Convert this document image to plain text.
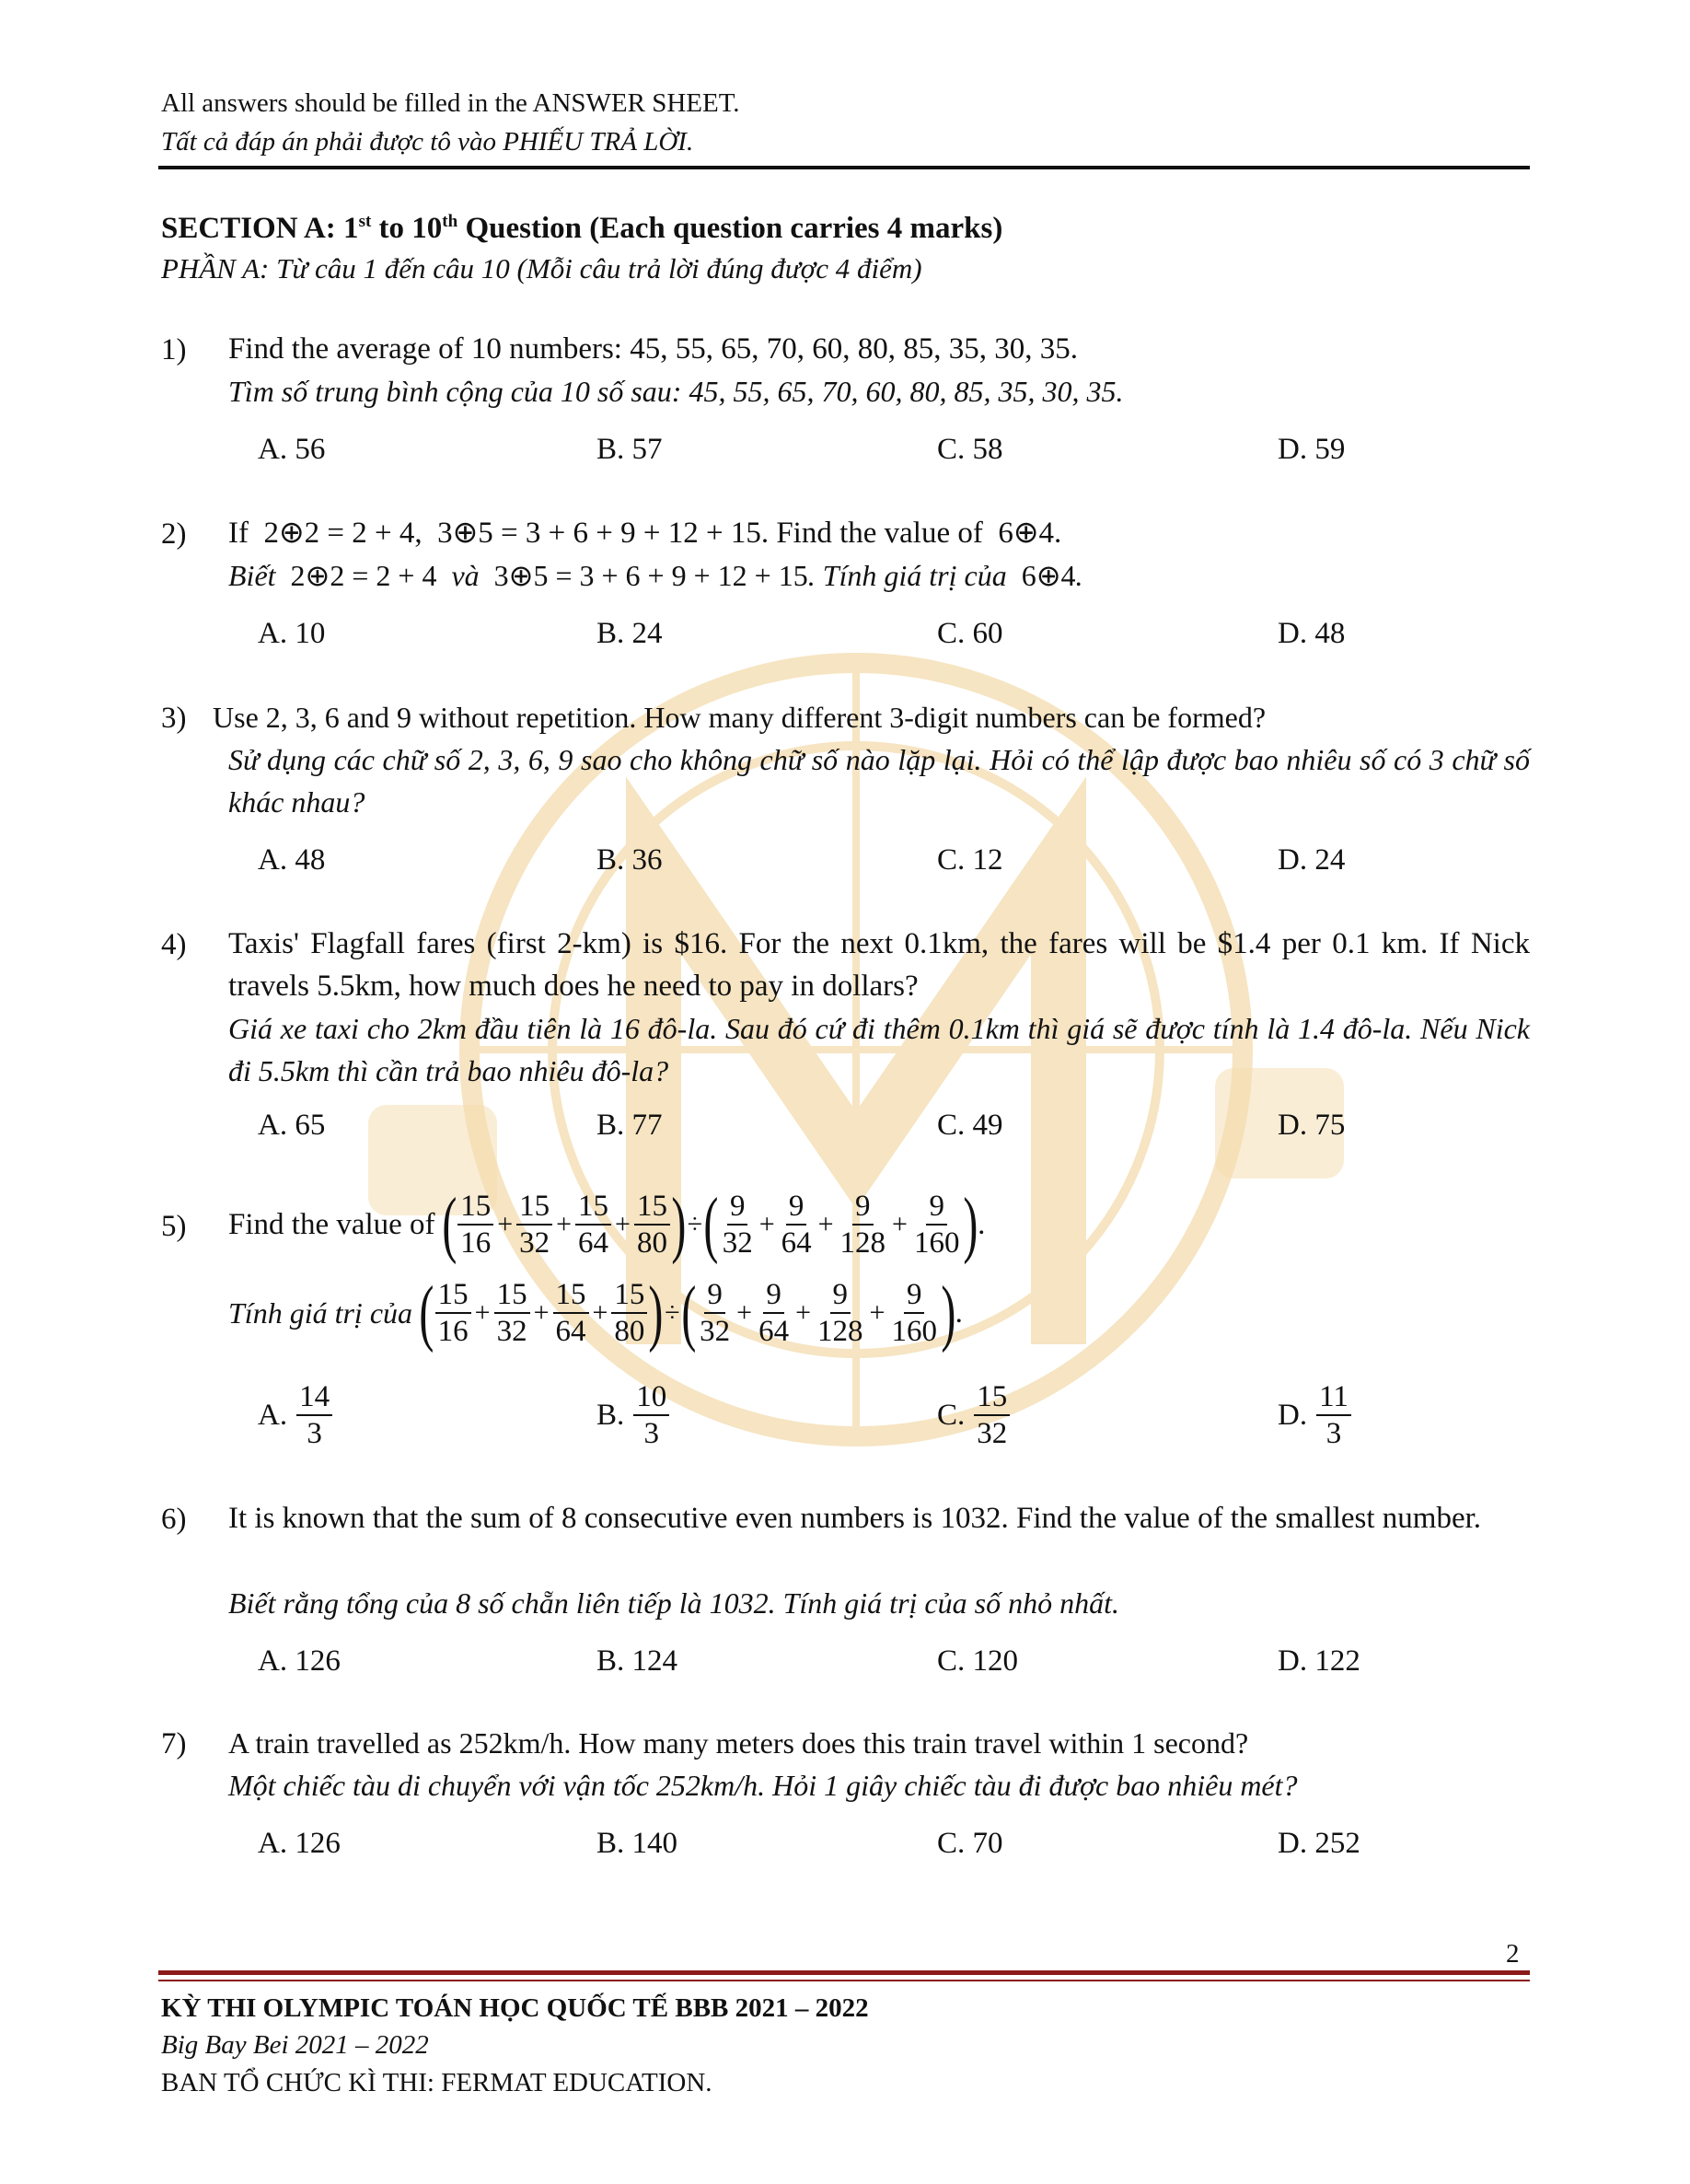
All answers should be filled in the ANSWER SHEET.
Tất cả đáp án phải được tô vào PHIẾU TRẢ LỜI.
SECTION A: 1st to 10th Question (Each question carries 4 marks)
PHẦN A: Từ câu 1 đến câu 10 (Mỗi câu trả lời đúng được 4 điểm)
1) Find the average of 10 numbers: 45, 55, 65, 70, 60, 80, 85, 35, 30, 35.
Tìm số trung bình cộng của 10 số sau: 45, 55, 65, 70, 60, 80, 85, 35, 30, 35.
A. 56	B. 57	C. 58	D. 59
2) If 2⊕2 = 2 + 4,  3⊕5 = 3 + 6 + 9 + 12 + 15. Find the value of 6⊕4.
Biết 2⊕2 = 2 + 4 và 3⊕5 = 3 + 6 + 9 + 12 + 15. Tính giá trị của 6⊕4.
A. 10	B. 24	C. 60	D. 48
3) Use 2, 3, 6 and 9 without repetition. How many different 3-digit numbers can be formed?
Sử dụng các chữ số 2, 3, 6, 9 sao cho không chữ số nào lặp lại. Hỏi có thể lập được bao nhiêu số có 3 chữ số khác nhau?
A. 48	B. 36	C. 12	D. 24
4) Taxis' Flagfall fares (first 2-km) is $16. For the next 0.1km, the fares will be $1.4 per 0.1 km. If Nick travels 5.5km, how much does he need to pay in dollars?
Giá xe taxi cho 2km đầu tiên là 16 đô-la. Sau đó cứ đi thêm 0.1km thì giá sẽ được tính là 1.4 đô-la. Nếu Nick đi 5.5km thì cần trả bao nhiêu đô-la?
A. 65	B. 77	C. 49	D. 75
5) Find the value of ( $\frac{15}{16} + \frac{15}{32} + \frac{15}{64} + \frac{15}{80}$ ) ÷ ( $\frac{9}{32} + \frac{9}{64} + \frac{9}{128} + \frac{9}{160}$ ) .
Tính giá trị của ( $\frac{15}{16} + \frac{15}{32} + \frac{15}{64} + \frac{15}{80}$ ) ÷ ( $\frac{9}{32} + \frac{9}{64} + \frac{9}{128} + \frac{9}{160}$ ) .
A. $\frac{14}{3}$	B. $\frac{10}{3}$	C. $\frac{15}{32}$	D. $\frac{11}{3}$
6) It is known that the sum of 8 consecutive even numbers is 1032. Find the value of the smallest number.
Biết rằng tổng của 8 số chẵn liên tiếp là 1032. Tính giá trị của số nhỏ nhất.
A. 126	B. 124	C. 120	D. 122
7) A train travelled as 252km/h. How many meters does this train travel within 1 second?
Một chiếc tàu di chuyển với vận tốc 252km/h. Hỏi 1 giây chiếc tàu đi được bao nhiêu mét?
A. 126	B. 140	C. 70	D. 252
2
KỲ THI OLYMPIC TOÁN HỌC QUỐC TẾ BBB 2021 – 2022
Big Bay Bei 2021 – 2022
BAN TỔ CHỨC KÌ THI: FERMAT EDUCATION.
